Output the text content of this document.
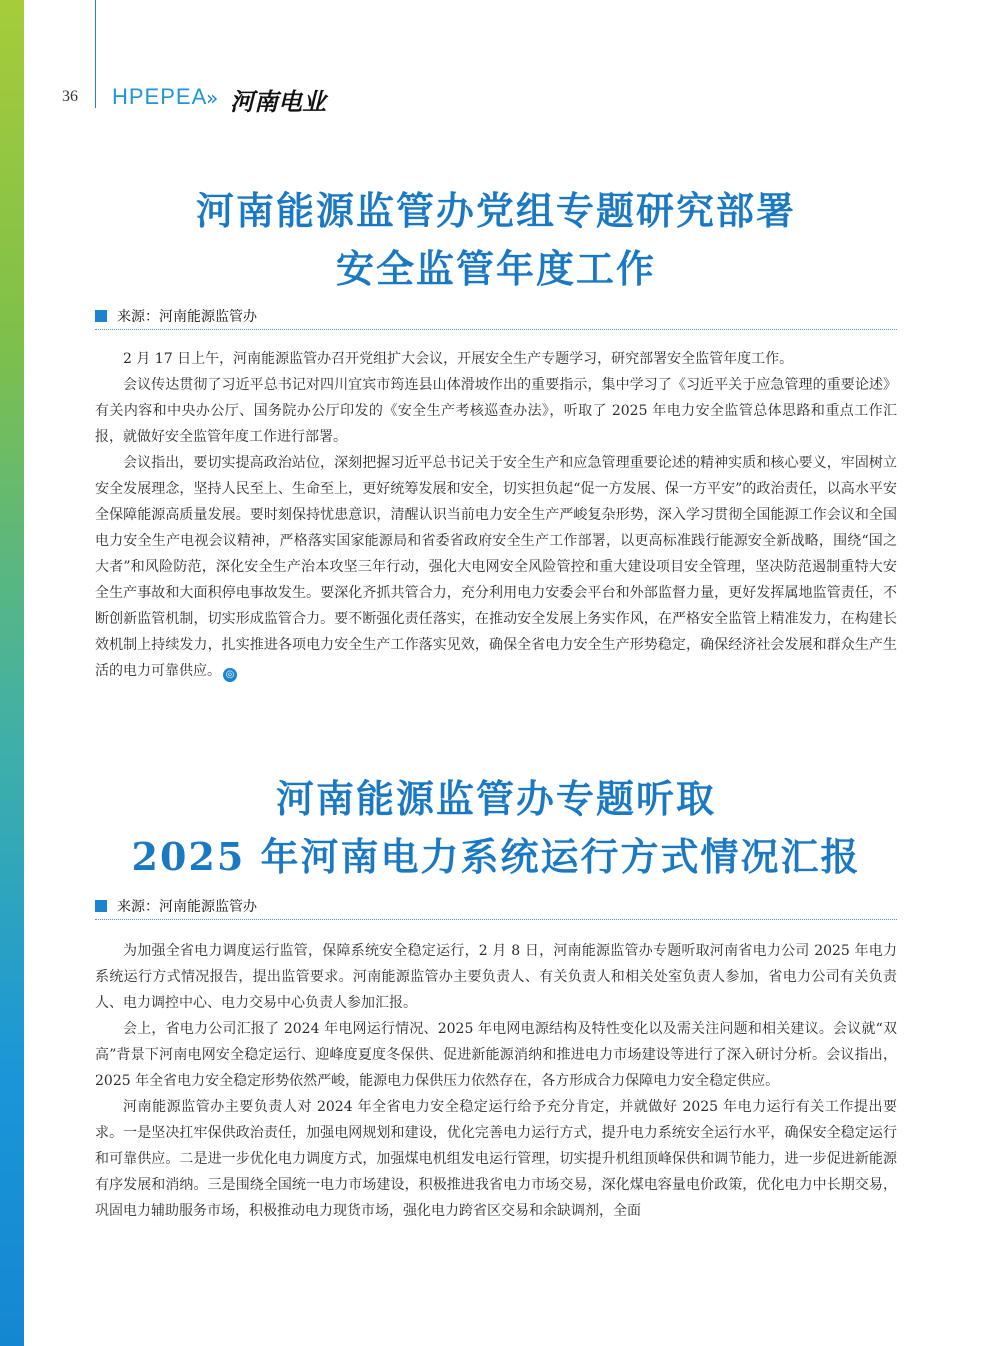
36 HPEPEA
» 河南电业
河南能源监管办党组专题研究部署
安全监管年度工作
来源：河南能源监管办

2 月 17 日上午，河南能源监管办召开党组扩大会议，开展安全生产专题学习，研究部署安全监管年度工作。

会议传达贯彻了习近平总书记对四川宜宾市筠连县山体滑坡作出的重要指示，集中学习了《习近平关于应急管理的重要论述》有关内容和中央办公厅、国务院办公厅印发的《安全生产考核巡查办法》，听取了 2025 年电力安全监管总体思路和重点工作汇报，就做好安全监管年度工作进行部署。

会议指出，要切实提高政治站位，深刻把握习近平总书记关于安全生产和应急管理重要论述的精神实质和核心要义，牢固树立安全发展理念，坚持人民至上、生命至上，更好统筹发展和安全，切实担负起“促一方发展、保一方平安”的政治责任，以高水平安全保障能源高质量发展。要时刻保持忧患意识，清醒认识当前电力安全生产严峻复杂形势，深入学习贯彻全国能源工作会议和全国电力安全生产电视会议精神，严格落实国家能源局和省委省政府安全生产工作部署，以更高标准践行能源安全新战略，围绕“国之大者”和风险防范，深化安全生产治本攻坚三年行动，强化大电网安全风险管控和重大建设项目安全管理，坚决防范遏制重特大安全生产事故和大面积停电事故发生。要深化齐抓共管合力，充分利用电力安委会平台和外部监督力量，更好发挥属地监管责任，不断创新监管机制，切实形成监管合力。要不断强化责任落实，在推动安全发展上务实作风，在严格安全监管上精准发力，在构建长效机制上持续发力，扎实推进各项电力安全生产工作落实见效，确保全省电力安全生产形势稳定，确保经济社会发展和群众生产生活的电力可靠供应。 ◎

河南能源监管办专题听取
2025 年河南电力系统运行方式情况汇报
来源：河南能源监管办

为加强全省电力调度运行监管，保障系统安全稳定运行，2 月 8 日，河南能源监管办专题听取河南省电力公司 2025 年电力系统运行方式情况报告，提出监管要求。河南能源监管办主要负责人、有关负责人和相关处室负责人参加，省电力公司有关负责人、电力调控中心、电力交易中心负责人参加汇报。

会上，省电力公司汇报了 2024 年电网运行情况、2025 年电网电源结构及特性变化以及需关注问题和相关建议。会议就“双高”背景下河南电网安全稳定运行、迎峰度夏度冬保供、促进新能源消纳和推进电力市场建设等进行了深入研讨分析。会议指出，2025 年全省电力安全稳定形势依然严峻，能源电力保供压力依然存在，各方形成合力保障电力安全稳定供应。

河南能源监管办主要负责人对 2024 年全省电力安全稳定运行给予充分肯定，并就做好 2025 年电力运行有关工作提出要求。一是坚决扛牢保供政治责任，加强电网规划和建设，优化完善电力运行方式，提升电力系统安全运行水平，确保安全稳定运行和可靠供应。二是进一步优化电力调度方式，加强煤电机组发电运行管理，切实提升机组顶峰保供和调节能力，进一步促进新能源有序发展和消纳。三是围绕全国统一电力市场建设，积极推进我省电力市场交易，深化煤电容量电价政策，优化电力中长期交易，巩固电力辅助服务市场，积极推动电力现货市场，强化电力跨省区交易和余缺调剂，全面
